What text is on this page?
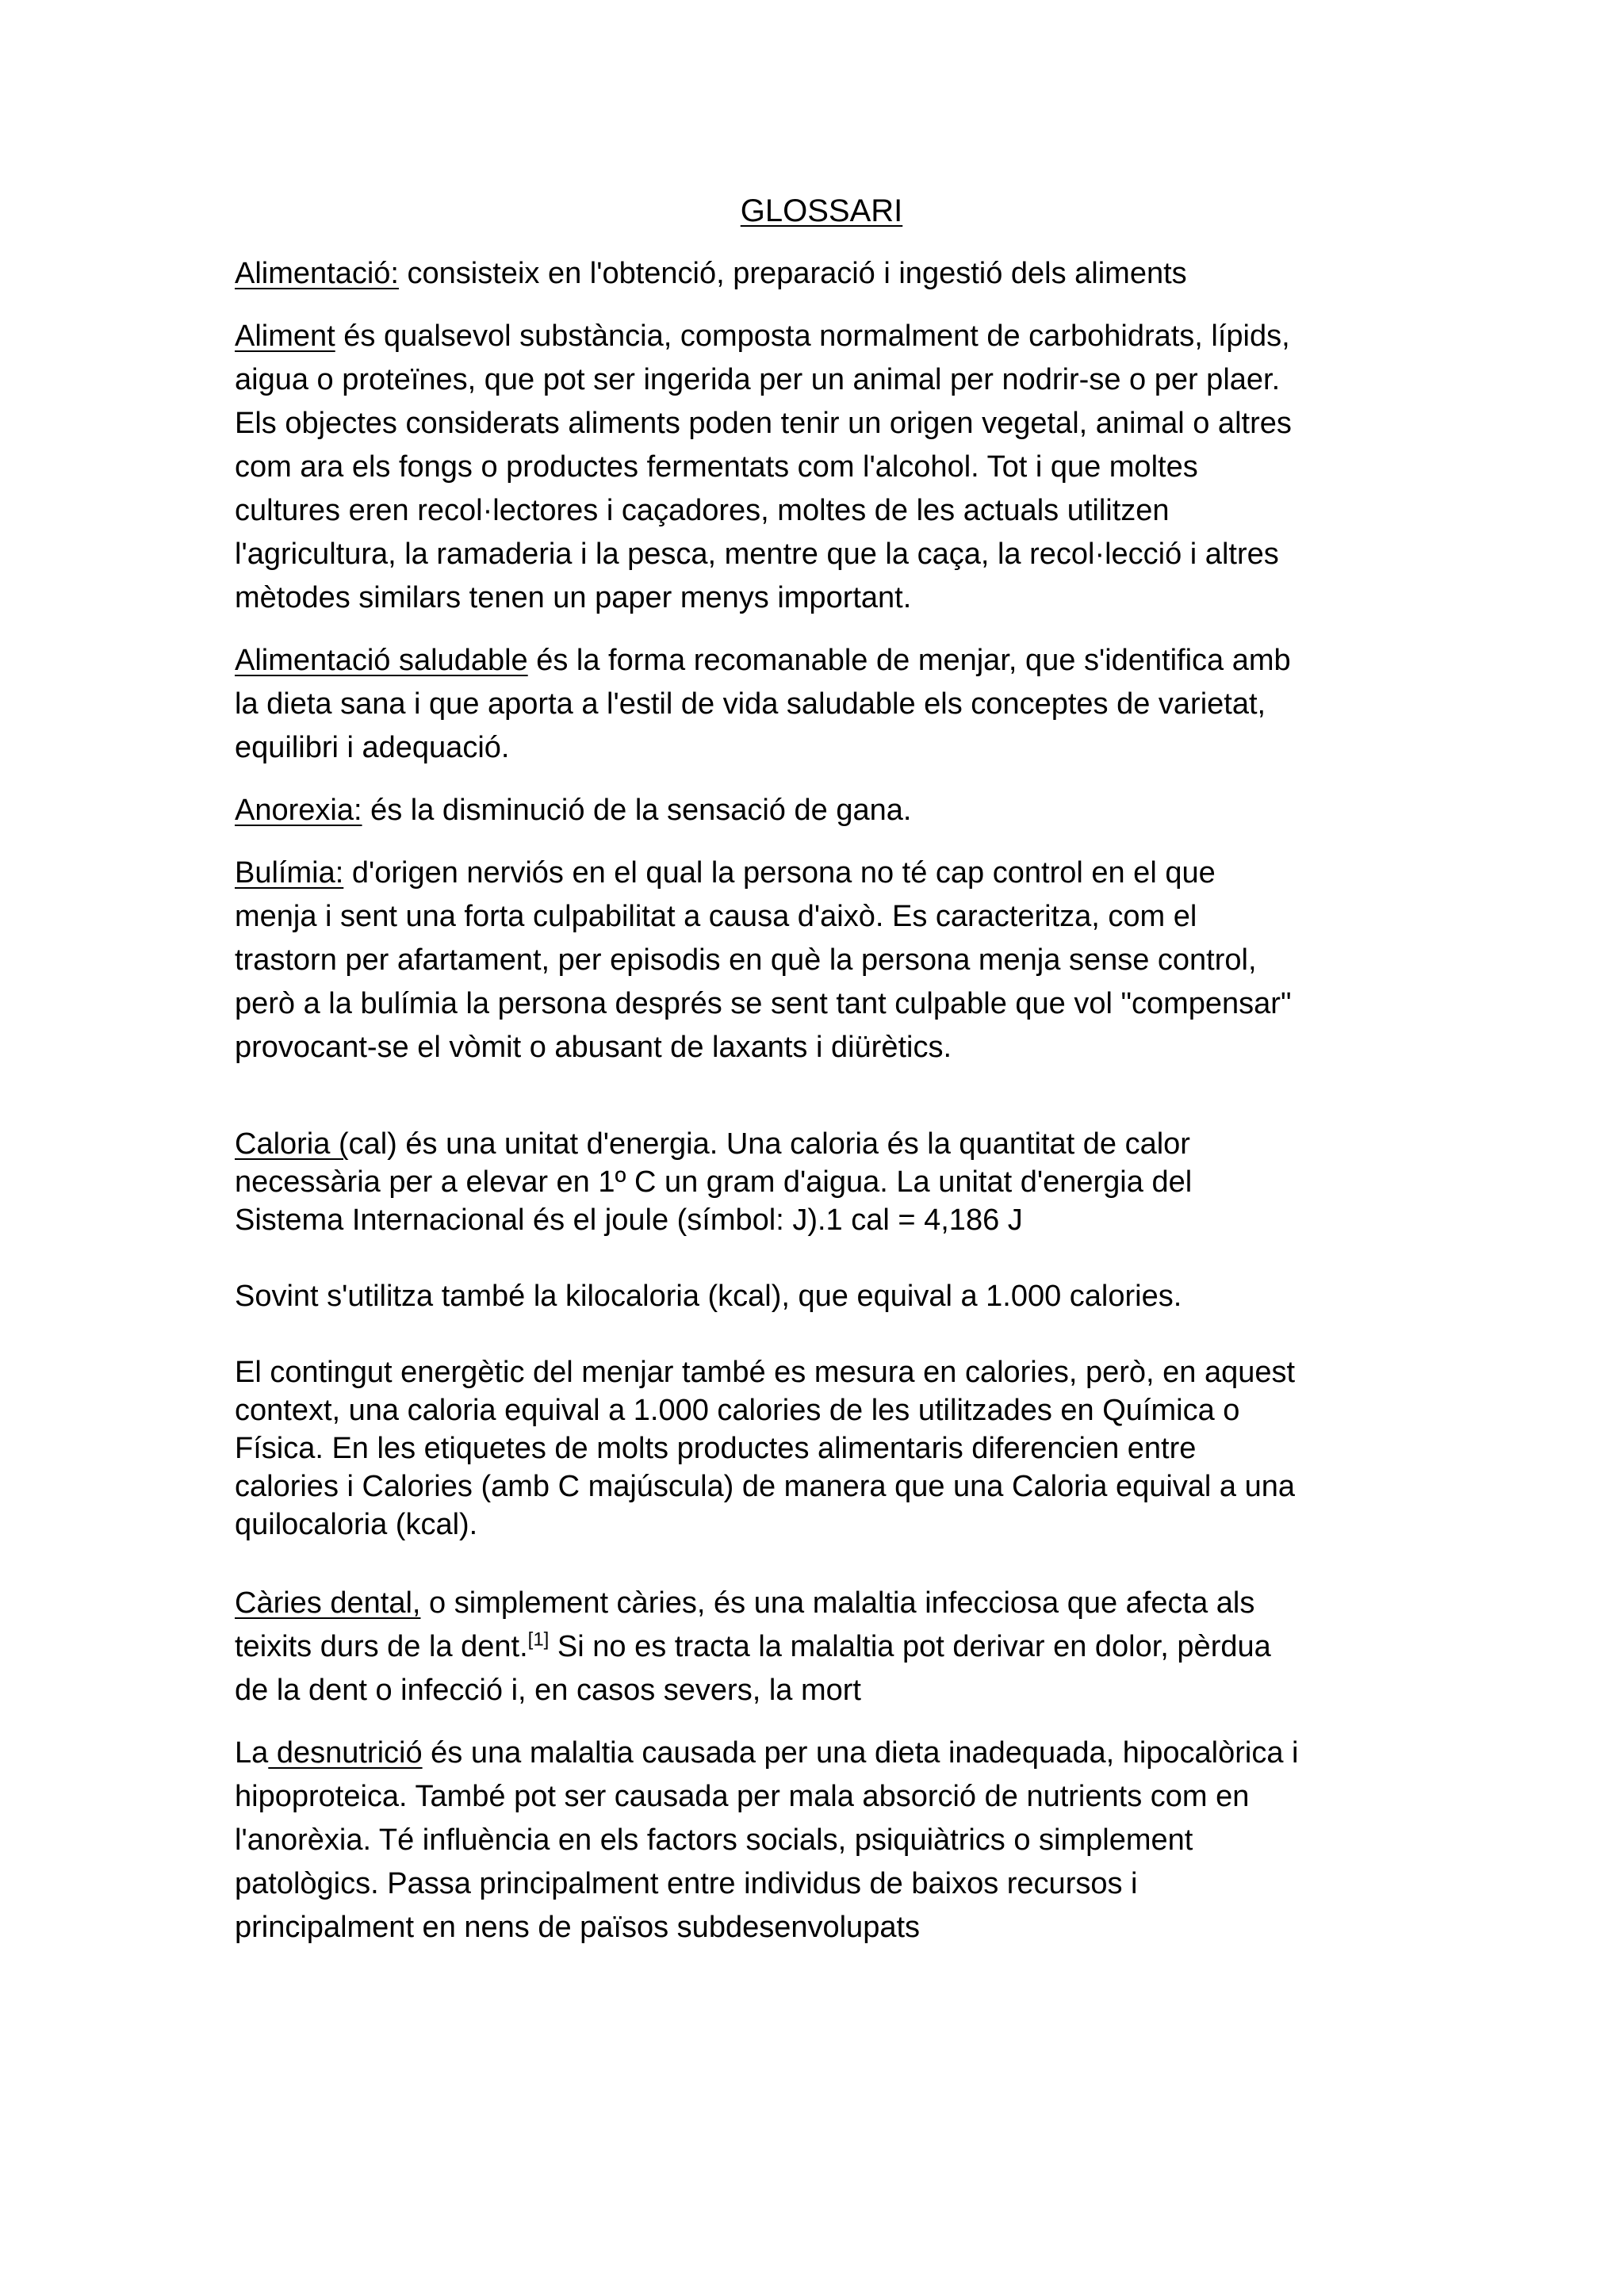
GLOSSARI

Alimentació: consisteix en l'obtenció, preparació i ingestió dels aliments

Aliment és qualsevol substància, composta normalment de carbohidrats, lípids,
aigua o proteïnes, que pot ser ingerida per un animal per nodrir-se o per plaer.
Els objectes considerats aliments poden tenir un origen vegetal, animal o altres
com ara els fongs o productes fermentats com l'alcohol. Tot i que moltes
cultures eren recol·lectores i caçadores, moltes de les actuals utilitzen
l'agricultura, la ramaderia i la pesca, mentre que la caça, la recol·lecció i altres
mètodes similars tenen un paper menys important.

Alimentació saludable és la forma recomanable de menjar, que s'identifica amb
la dieta sana i que aporta a l'estil de vida saludable els conceptes de varietat,
equilibri i adequació.

Anorexia: és la disminució de la sensació de gana.

Bulímia: d'origen nerviós en el qual la persona no té cap control en el que
menja i sent una forta culpabilitat a causa d'això. Es caracteritza, com el
trastorn per afartament, per episodis en què la persona menja sense control,
però a la bulímia la persona després se sent tant culpable que vol "compensar"
provocant-se el vòmit o abusant de laxants i diürètics.

Caloria (cal) és una unitat d'energia. Una caloria és la quantitat de calor
necessària per a elevar en 1º C un gram d'aigua. La unitat d'energia del
Sistema Internacional és el joule (símbol: J).1 cal = 4,186 J

Sovint s'utilitza també la kilocaloria (kcal), que equival a 1.000 calories.

El contingut energètic del menjar també es mesura en calories, però, en aquest
context, una caloria equival a 1.000 calories de les utilitzades en Química o
Física. En les etiquetes de molts productes alimentaris diferencien entre
calories i Calories (amb C majúscula) de manera que una Caloria equival a una
quilocaloria (kcal).

Càries dental, o simplement càries, és una malaltia infecciosa que afecta als
teixits durs de la dent.[1] Si no es tracta la malaltia pot derivar en dolor, pèrdua
de la dent o infecció i, en casos severs, la mort

La desnutrició és una malaltia causada per una dieta inadequada, hipocalòrica i
hipoproteica. També pot ser causada per mala absorció de nutrients com en
l'anorèxia. Té influència en els factors socials, psiquiàtrics o simplement
patològics. Passa principalment entre individus de baixos recursos i
principalment en nens de països subdesenvolupats
